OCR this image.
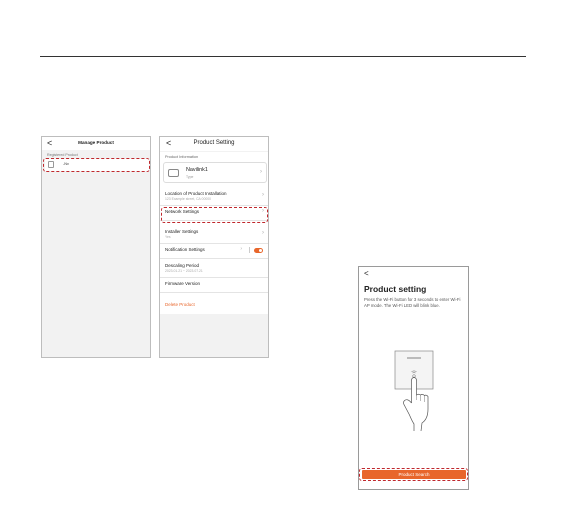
<	Manage Product
Registered Product
-Nv
<	Product Setting
Product Information
Navilink1
Type
›
Location of Product Installation
123 Example street, CA 00000
›
Network Settings	›
Installer Settings
Yes
›
Notification Settings	›
Descaling Period
2023.01.21 ~ 2023.07.21
Firmware Version
Delete Product
<
Product setting
Press the Wi-Fi button for 3 seconds to enter Wi-Fi AP mode. The Wi-Fi LED will blink blue.
Product Search
